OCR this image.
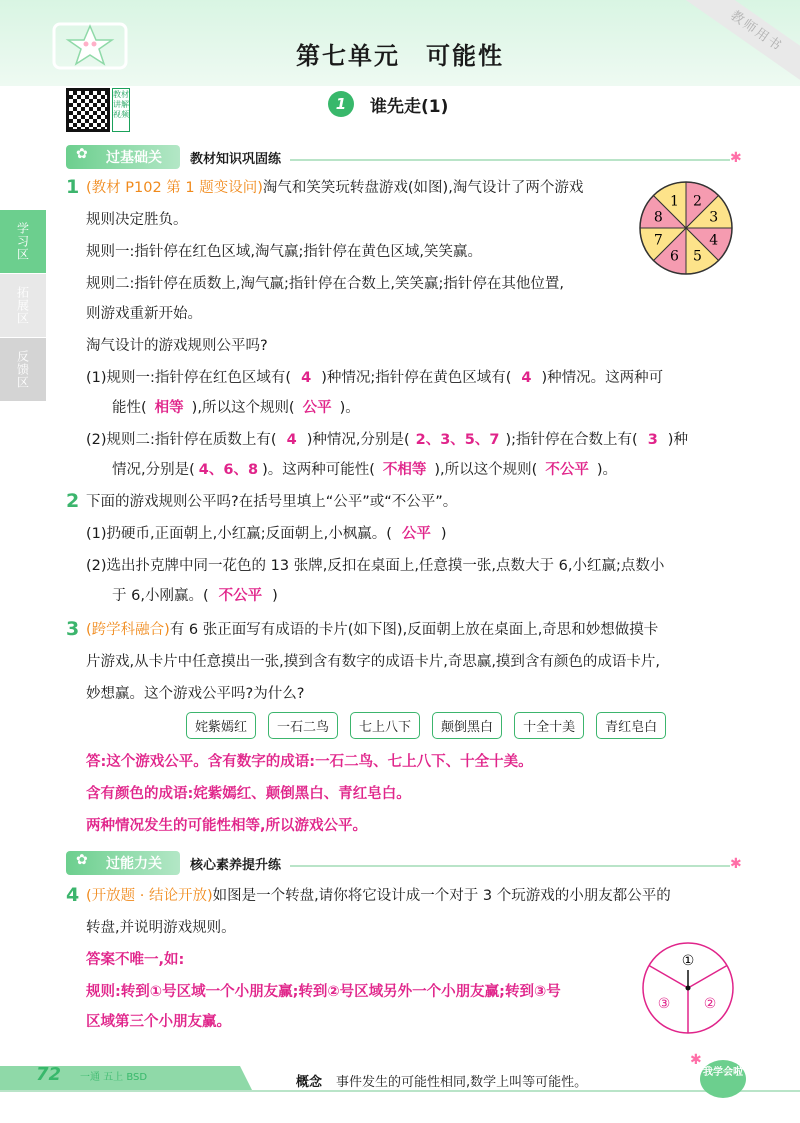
教师用书
第七单元　可能性
教材讲解视频
1	谁先走(1)
学习区
拓展区
反馈区
✿ 过基础关	教材知识巩固练	✱
1 (教材 P102 第 1 题变设问)淘气和笑笑玩转盘游戏(如图),淘气设计了两个游戏
规则决定胜负。
规则一:指针停在红色区域,淘气赢;指针停在黄色区域,笑笑赢。
规则二:指针停在质数上,淘气赢;指针停在合数上,笑笑赢;指针停在其他位置,
则游戏重新开始。
淘气设计的游戏规则公平吗?
2
3
4
5
6
7
8
1
(1)规则一:指针停在红色区域有( 4 )种情况;指针停在黄色区域有( 4 )种情况。这两种可
能性( 相等 ),所以这个规则( 公平 )。
(2)规则二:指针停在质数上有( 4 )种情况,分别是( 2、3、5、7 );指针停在合数上有( 3 )种
情况,分别是( 4、6、8 )。这两种可能性( 不相等 ),所以这个规则( 不公平 )。
2 下面的游戏规则公平吗?在括号里填上“公平”或“不公平”。
(1)扔硬币,正面朝上,小红赢;反面朝上,小枫赢。( 公平 )
(2)选出扑克牌中同一花色的 13 张牌,反扣在桌面上,任意摸一张,点数大于 6,小红赢;点数小
于 6,小刚赢。( 不公平 )
3 (跨学科融合)有 6 张正面写有成语的卡片(如下图),反面朝上放在桌面上,奇思和妙想做摸卡
片游戏,从卡片中任意摸出一张,摸到含有数字的成语卡片,奇思赢,摸到含有颜色的成语卡片,
妙想赢。这个游戏公平吗?为什么?
姹紫嫣红	一石二鸟	七上八下	颠倒黑白	十全十美	青红皂白
答:这个游戏公平。含有数字的成语:一石二鸟、七上八下、十全十美。
含有颜色的成语:姹紫嫣红、颠倒黑白、青红皂白。
两种情况发生的可能性相等,所以游戏公平。
✿ 过能力关	核心素养提升练	✱
4 (开放题 · 结论开放)如图是一个转盘,请你将它设计成一个对于 3 个玩游戏的小朋友都公平的
转盘,并说明游戏规则。
答案不唯一,如:
规则:转到①号区域一个小朋友赢;转到②号区域另外一个小朋友赢;转到③号
区域第三个小朋友赢。
①
②
③
72 一通 五上 BSD	概念 事件发生的可能性相同,数学上叫等可能性。
我学会啦
✱
